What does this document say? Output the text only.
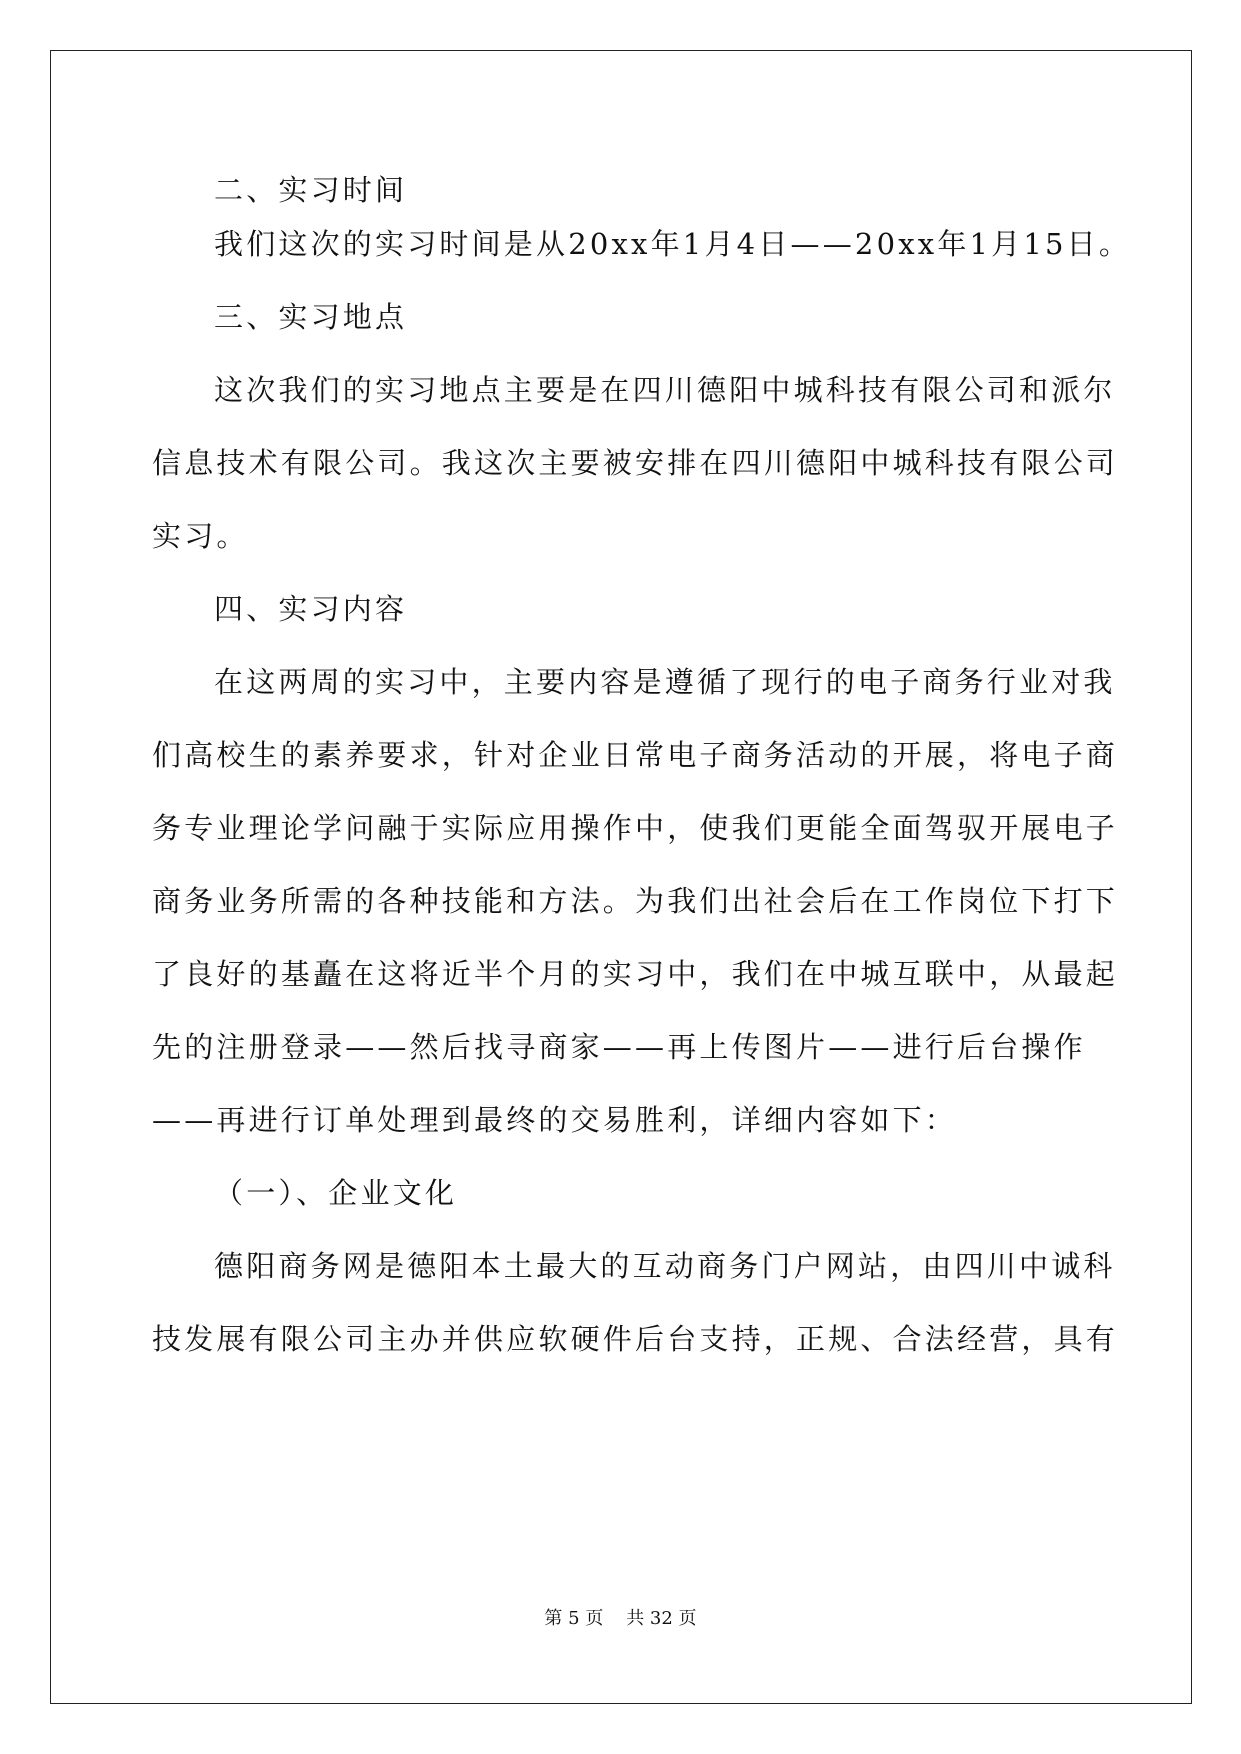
二、实习时间
我们这次的实习时间是从20xx年1月4日——20xx年1月15日。
三、实习地点
这次我们的实习地点主要是在四川德阳中城科技有限公司和派尔
信息技术有限公司。我这次主要被安排在四川德阳中城科技有限公司
实习。
四、实习内容
在这两周的实习中，主要内容是遵循了现行的电子商务行业对我
们高校生的素养要求，针对企业日常电子商务活动的开展，将电子商
务专业理论学问融于实际应用操作中，使我们更能全面驾驭开展电子
商务业务所需的各种技能和方法。为我们出社会后在工作岗位下打下
了良好的基矗在这将近半个月的实习中，我们在中城互联中，从最起
先的注册登录——然后找寻商家——再上传图片——进行后台操作
——再进行订单处理到最终的交易胜利，详细内容如下：
（一）、企业文化
德阳商务网是德阳本土最大的互动商务门户网站，由四川中诚科
技发展有限公司主办并供应软硬件后台支持，正规、合法经营，具有
第 5 页    共 32 页
